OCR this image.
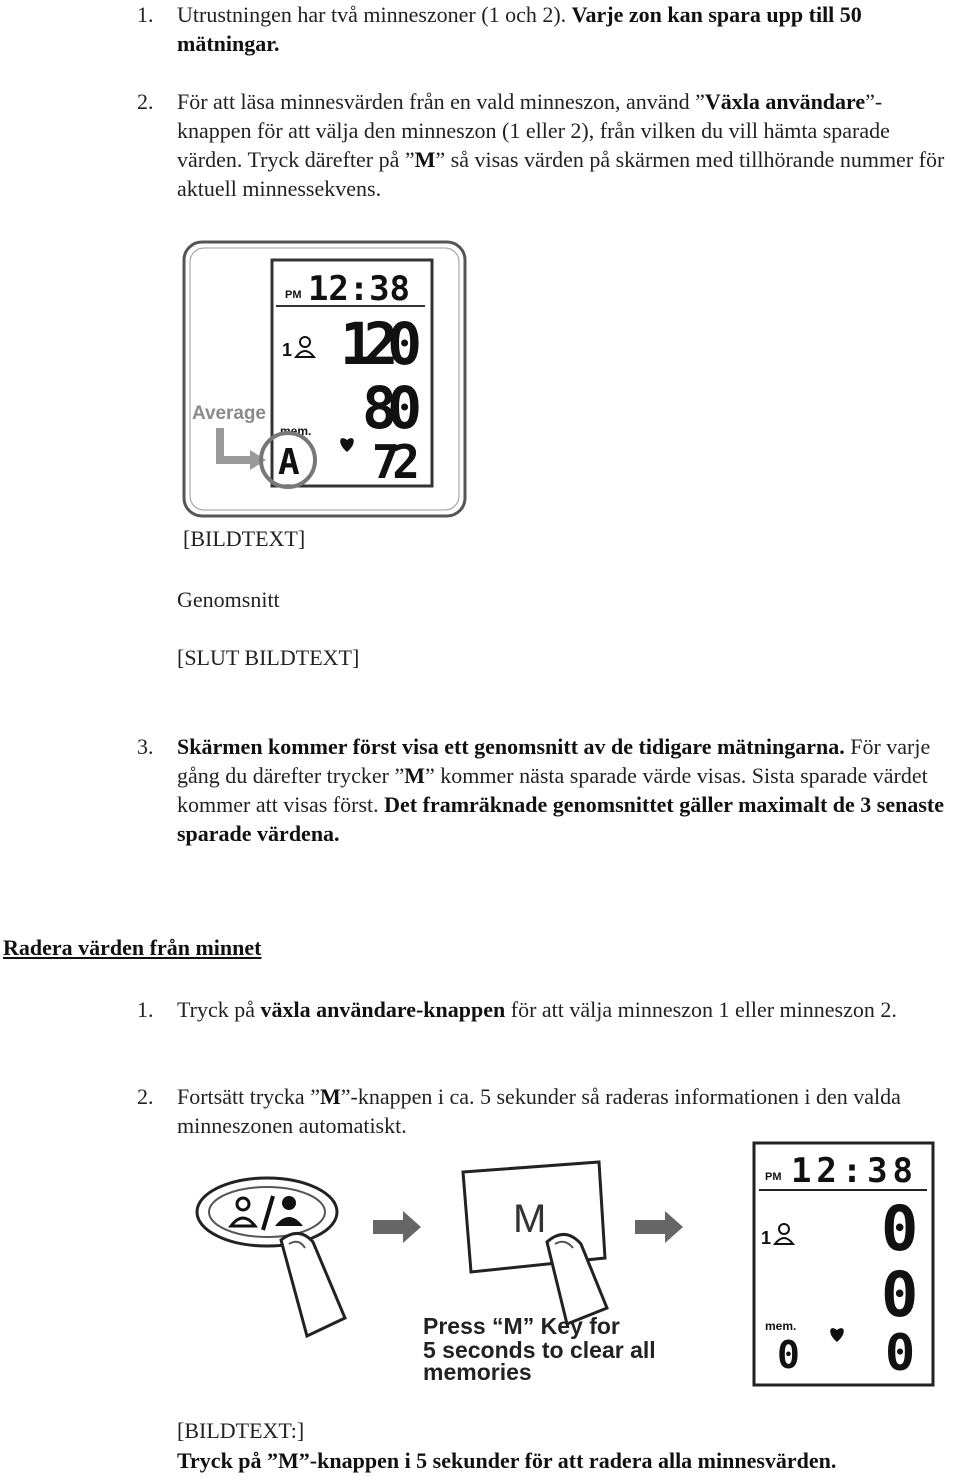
1. Utrustningen har två minneszoner (1 och 2). Varje zon kan spara upp till 50 mätningar.
2. För att läsa minnesvärden från en vald minneszon, använd ”Växla användare”-knappen för att välja den minneszon (1 eller 2), från vilken du vill hämta sparade värden. Tryck därefter på ”M” så visas värden på skärmen med tillhörande nummer för aktuell minnessekvens.
PM 12:38
1 120
80
mem.
A 72
Average
[BILDTEXT]
Genomsnitt
[SLUT BILDTEXT]
3. Skärmen kommer först visa ett genomsnitt av de tidigare mätningarna. För varje gång du därefter trycker ”M” kommer nästa sparade värde visas. Sista sparade värdet kommer att visas först. Det framräknade genomsnittet gäller maximalt de 3 senaste sparade värdena.
Radera värden från minnet
1. Tryck på växla användare-knappen för att välja minneszon 1 eller minneszon 2.
2. Fortsätt trycka ”M”-knappen i ca. 5 sekunder så raderas informationen i den valda minneszonen automatiskt.
M
Press “M” Key for
5 seconds to clear all
memories
PM 12:38
1 0
0
mem.
0 0
[BILDTEXT:]
Tryck på ”M”-knappen i 5 sekunder för att radera alla minnesvärden.
